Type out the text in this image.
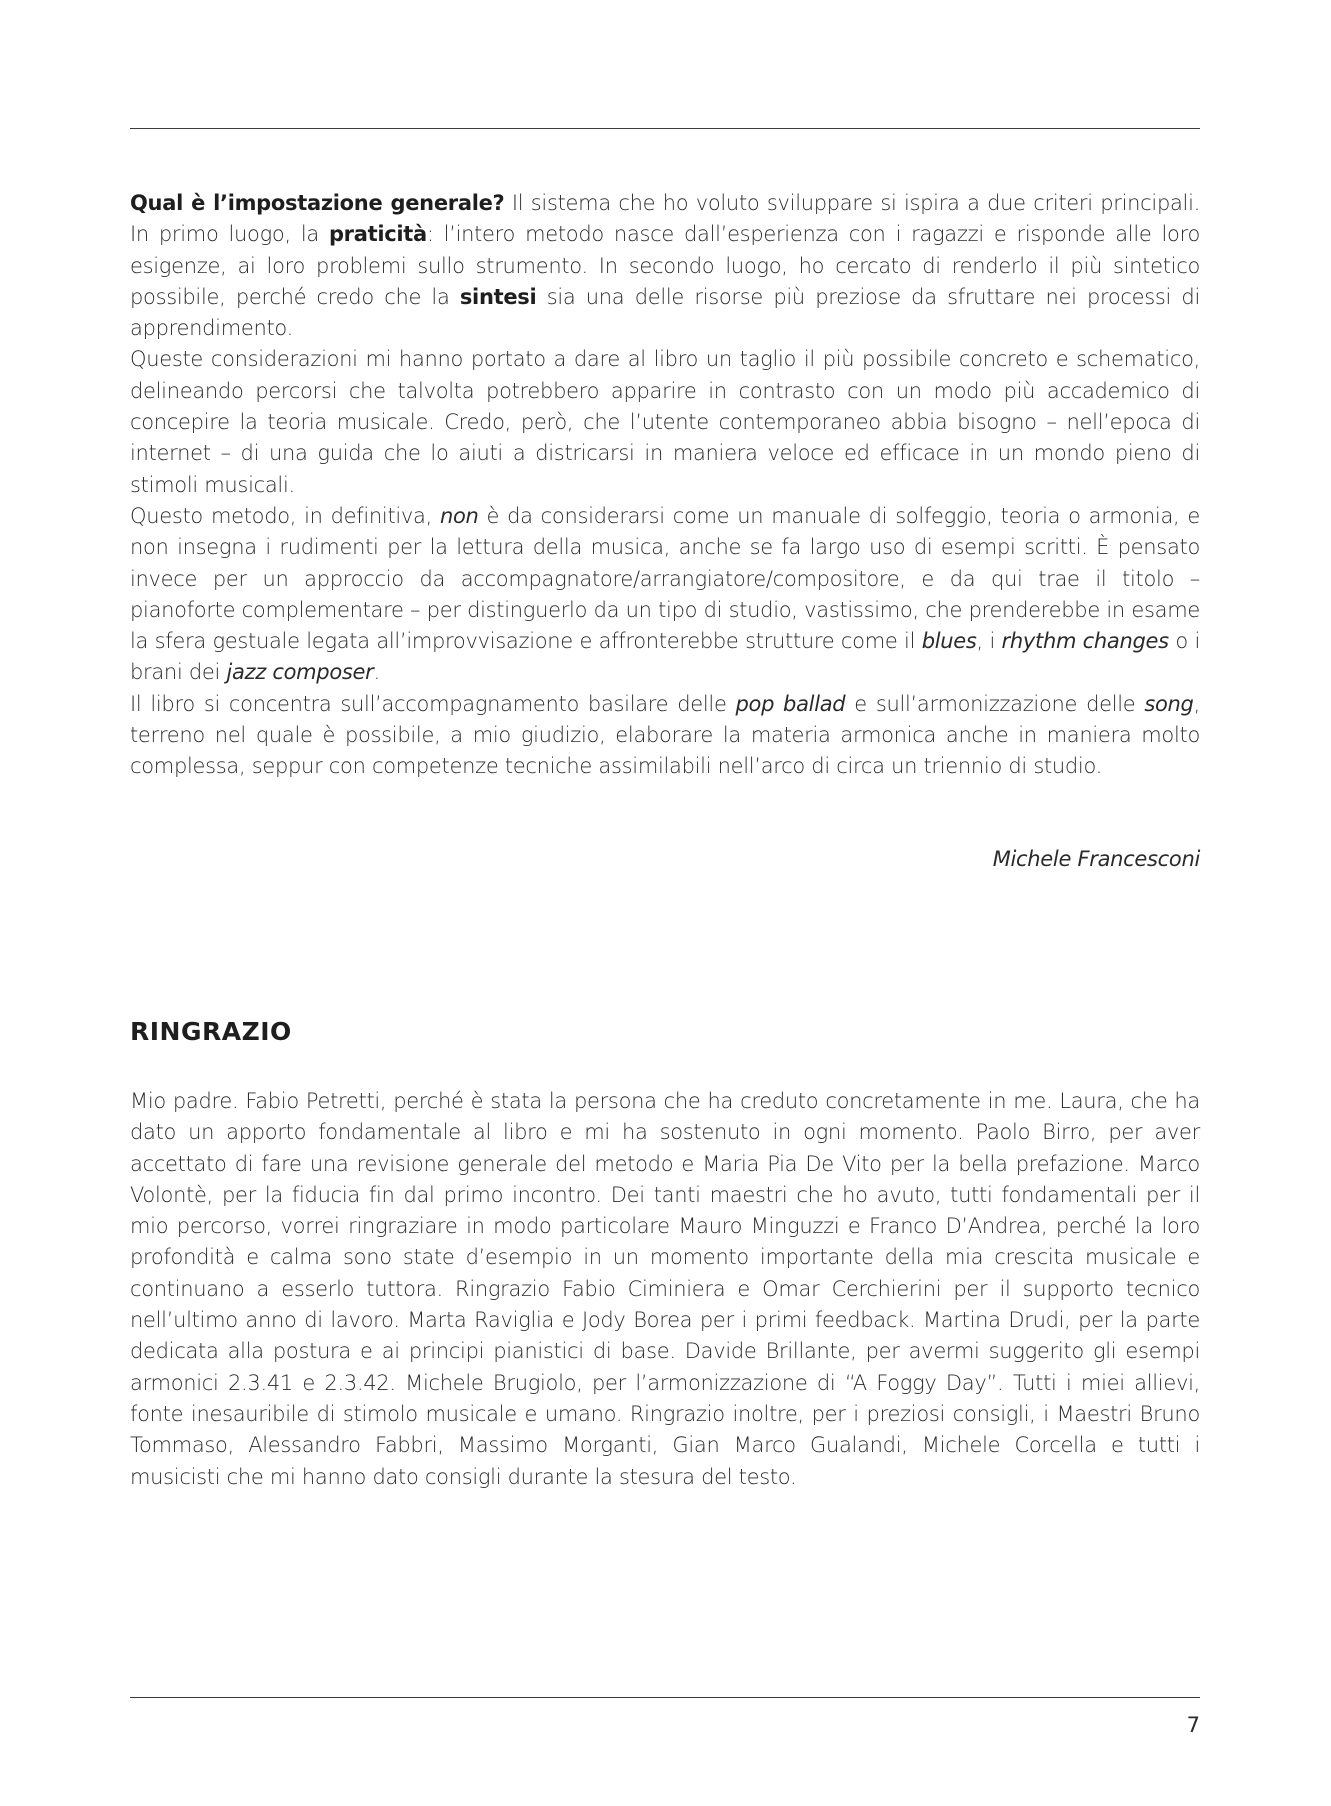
Qual è l’impostazione generale? Il sistema che ho voluto sviluppare si ispira a due criteri principali. In primo luogo, la praticità: l’intero metodo nasce dall’esperienza con i ragazzi e risponde alle loro esigenze, ai loro problemi sullo strumento. In secondo luogo, ho cercato di renderlo il più sintetico possibile, perché credo che la sintesi sia una delle risorse più preziose da sfruttare nei processi di apprendimento.

Queste considerazioni mi hanno portato a dare al libro un taglio il più possibile concreto e schematico, delineando percorsi che talvolta potrebbero apparire in contrasto con un modo più accademico di concepire la teoria musicale. Credo, però, che l’utente contemporaneo abbia bisogno – nell’epoca di internet – di una guida che lo aiuti a districarsi in maniera veloce ed efficace in un mondo pieno di stimoli musicali.

Questo metodo, in definitiva, non è da considerarsi come un manuale di solfeggio, teoria o armonia, e non insegna i rudimenti per la lettura della musica, anche se fa largo uso di esempi scritti. È pensato invece per un approccio da accompagnatore/arrangiatore/compositore, e da qui trae il titolo – pianoforte complementare – per distinguerlo da un tipo di studio, vastissimo, che prenderebbe in esame la sfera gestuale legata all’improvvisazione e affronterebbe strutture come il blues, i rhythm changes o i brani dei jazz composer.

Il libro si concentra sull’accompagnamento basilare delle pop ballad e sull’armonizzazione delle song, terreno nel quale è possibile, a mio giudizio, elaborare la materia armonica anche in maniera molto complessa, seppur con competenze tecniche assimilabili nell’arco di circa un triennio di studio.

Michele Francesconi

RINGRAZIO

Mio padre. Fabio Petretti, perché è stata la persona che ha creduto concretamente in me. Laura, che ha dato un apporto fondamentale al libro e mi ha sostenuto in ogni momento. Paolo Birro, per aver accettato di fare una revisione generale del metodo e Maria Pia De Vito per la bella prefazione. Marco Volontè, per la fiducia fin dal primo incontro. Dei tanti maestri che ho avuto, tutti fondamentali per il mio percorso, vorrei ringraziare in modo particolare Mauro Minguzzi e Franco D’Andrea, perché la loro profondità e calma sono state d’esempio in un momento importante della mia crescita musicale e continuano a esserlo tuttora. Ringrazio Fabio Ciminiera e Omar Cerchierini per il supporto tecnico nell’ultimo anno di lavoro. Marta Raviglia e Jody Borea per i primi feedback. Martina Drudi, per la parte dedicata alla postura e ai principi pianistici di base. Davide Brillante, per avermi suggerito gli esempi armonici 2.3.41 e 2.3.42. Michele Brugiolo, per l’armonizzazione di “A Foggy Day”. Tutti i miei allievi, fonte inesauribile di stimolo musicale e umano. Ringrazio inoltre, per i preziosi consigli, i Maestri Bruno Tommaso, Alessandro Fabbri, Massimo Morganti, Gian Marco Gualandi, Michele Corcella e tutti i musicisti che mi hanno dato consigli durante la stesura del testo.

7
